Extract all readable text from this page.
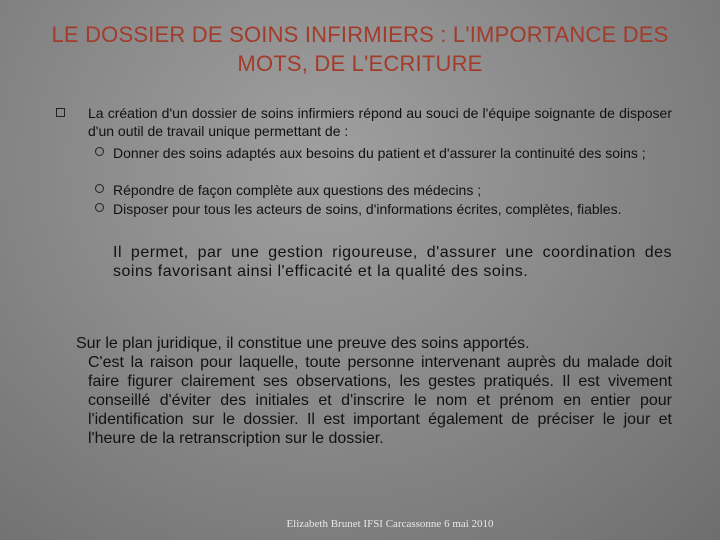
LE DOSSIER DE SOINS INFIRMIERS : L'IMPORTANCE DES MOTS, DE L'ECRITURE
La création d'un dossier de soins infirmiers répond au souci de l'équipe soignante de disposer d'un outil de travail unique permettant de :
Donner des soins adaptés aux besoins du patient et d'assurer la continuité des soins ;
Répondre de façon complète aux questions des médecins ;
Disposer pour tous les acteurs de soins, d'informations écrites, complètes, fiables.
Il permet, par une gestion rigoureuse, d'assurer une coordination des soins favorisant ainsi l'efficacité et la qualité des soins.
Sur le plan juridique, il constitue une preuve des soins apportés.
C'est la raison pour laquelle, toute personne intervenant auprès du malade doit faire figurer clairement ses observations, les gestes pratiqués. Il est vivement conseillé d'éviter des initiales et d'inscrire le nom et prénom en entier pour l'identification sur le dossier. Il est important également de préciser le jour et l'heure de la retranscription sur le dossier.
Elizabeth Brunet IFSI Carcassonne 6 mai 2010
